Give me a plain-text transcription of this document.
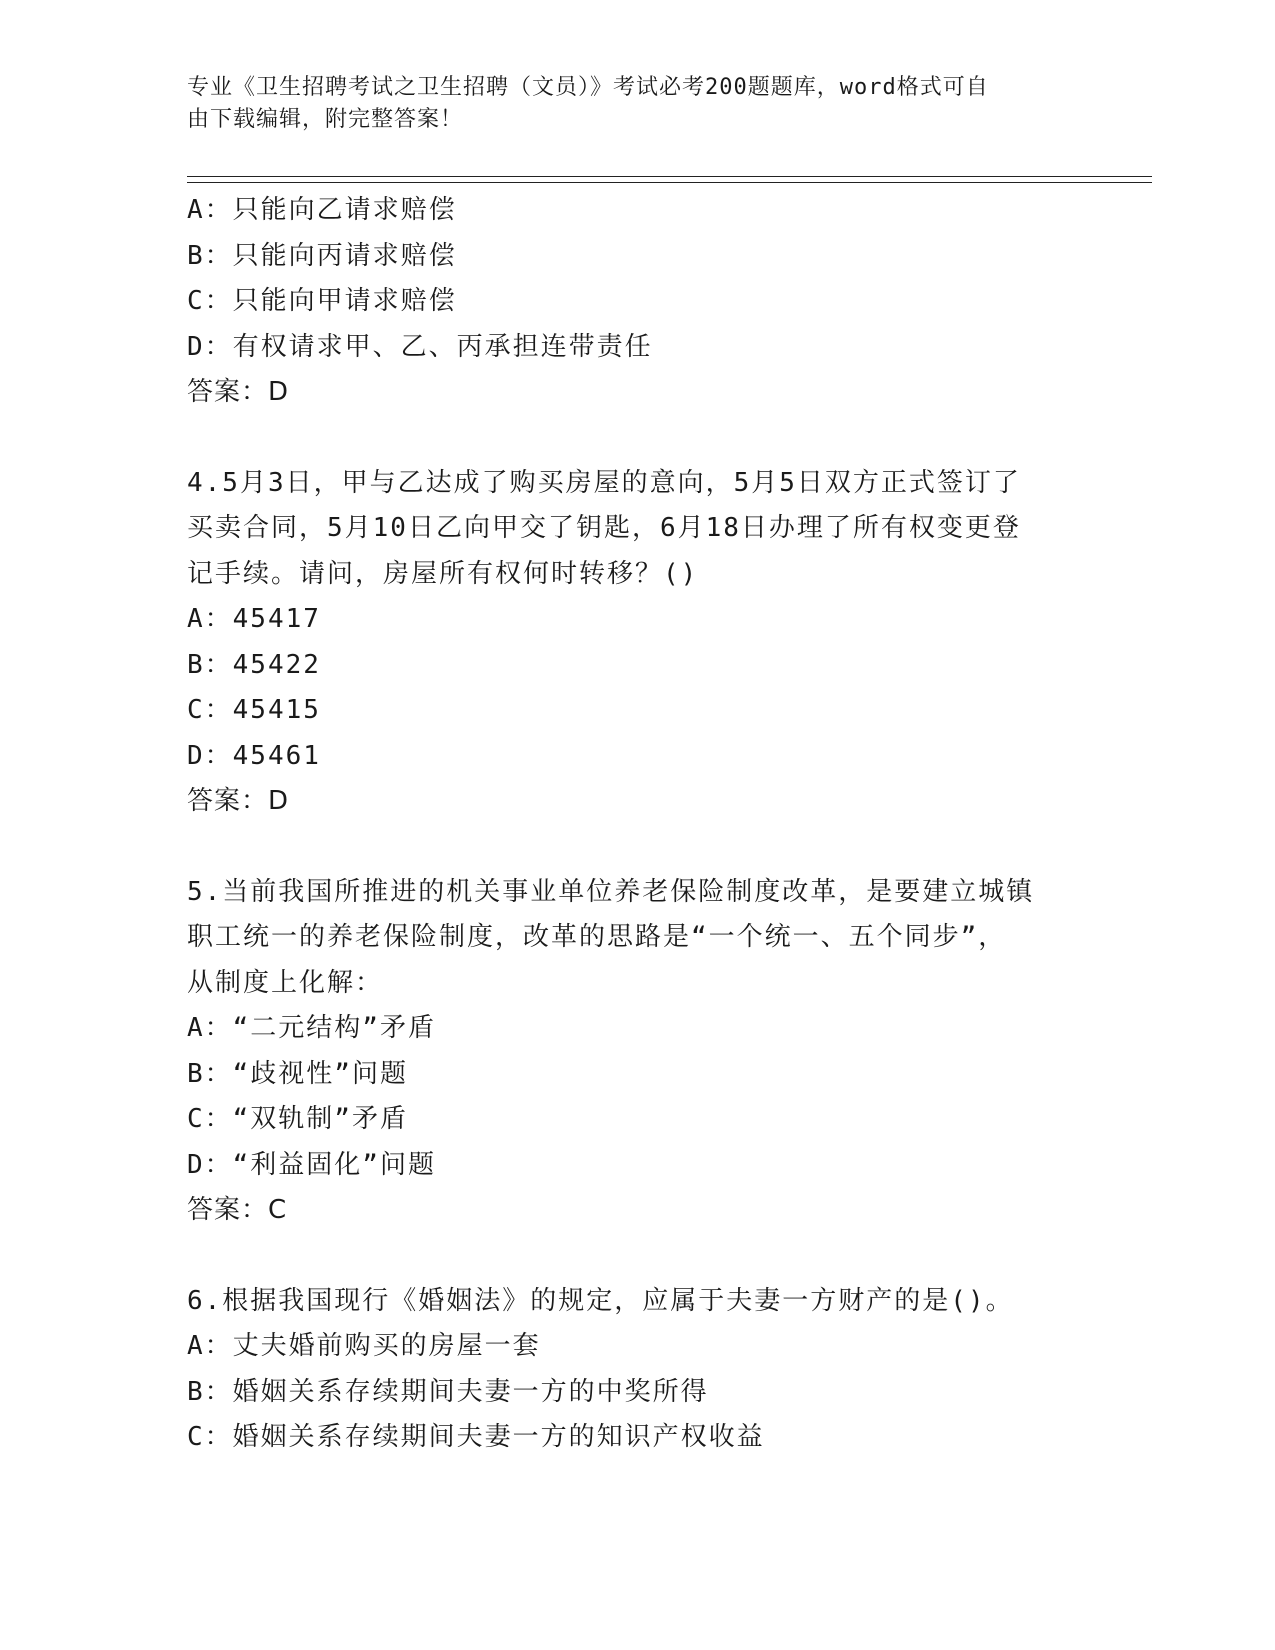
专业《卫生招聘考试之卫生招聘（文员）》考试必考200题题库，word格式可自
由下载编辑，附完整答案！
A：只能向乙请求赔偿
B：只能向丙请求赔偿
C：只能向甲请求赔偿
D：有权请求甲、乙、丙承担连带责任
答案：D
4.5月3日，甲与乙达成了购买房屋的意向，5月5日双方正式签订了
买卖合同，5月10日乙向甲交了钥匙，6月18日办理了所有权变更登
记手续。请问，房屋所有权何时转移？()
A：45417
B：45422
C：45415
D：45461
答案：D
5.当前我国所推进的机关事业单位养老保险制度改革，是要建立城镇
职工统一的养老保险制度，改革的思路是“一个统一、五个同步”，
从制度上化解：
A：“二元结构”矛盾
B：“歧视性”问题
C：“双轨制”矛盾
D：“利益固化”问题
答案：C
6.根据我国现行《婚姻法》的规定，应属于夫妻一方财产的是()。
A：丈夫婚前购买的房屋一套
B：婚姻关系存续期间夫妻一方的中奖所得
C：婚姻关系存续期间夫妻一方的知识产权收益
